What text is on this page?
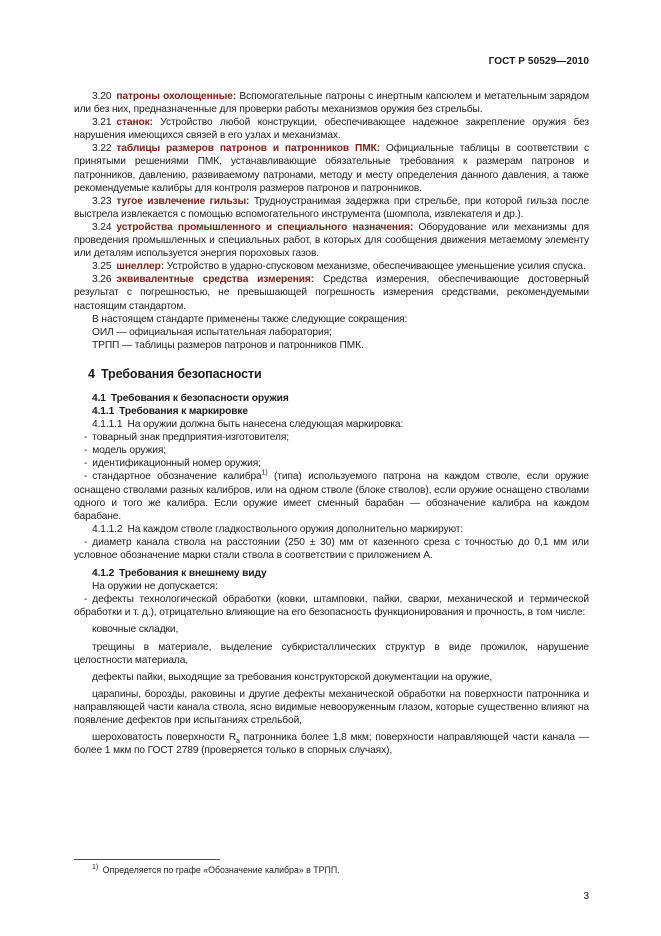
ГОСТ Р 50529—2010
3.20 патроны охолощенные: Вспомогательные патроны с инертным капсюлем и метательным зарядом или без них, предназначенные для проверки работы механизмов оружия без стрельбы.
3.21 станок: Устройство любой конструкции, обеспечивающее надежное закрепление оружия без нарушения имеющихся связей в его узлах и механизмах.
3.22 таблицы размеров патронов и патронников ПМК: Официальные таблицы в соответствии с принятыми решениями ПМК, устанавливающие обязательные требования к размерам патронов и патронников, давлению, развиваемому патронами, методу и месту определения данного давления, а также рекомендуемые калибры для контроля размеров патронов и патронников.
3.23 тугое извлечение гильзы: Трудноустранимая задержка при стрельбе, при которой гильза после выстрела извлекается с помощью вспомогательного инструмента (шомпола, извлекателя и др.).
3.24 устройства промышленного и специального назначения: Оборудование или механизмы для проведения промышленных и специальных работ, в которых для сообщения движения метаемому элементу или деталям используется энергия пороховых газов.
3.25 шнеллер: Устройство в ударно-спусковом механизме, обеспечивающее уменьшение усилия спуска.
3.26 эквивалентные средства измерения: Средства измерения, обеспечивающие достоверный результат с погрешностью, не превышающей погрешность измерения средствами, рекомендуемыми настоящим стандартом.
В настоящем стандарте применены также следующие сокращения:
ОИЛ — официальная испытательная лаборатория;
ТРПП — таблицы размеров патронов и патронников ПМК.
4 Требования безопасности
4.1 Требования к безопасности оружия
4.1.1 Требования к маркировке
4.1.1.1 На оружии должна быть нанесена следующая маркировка:
- товарный знак предприятия-изготовителя;
- модель оружия;
- идентификационный номер оружия;
- стандартное обозначение калибра$^{1)}$ (типа) используемого патрона на каждом стволе, если оружие оснащено стволами разных калибров, или на одном стволе (блоке стволов), если оружие оснащено стволами одного и того же калибра. Если оружие имеет сменный барабан — обозначение калибра на каждом барабане.
4.1.1.2 На каждом стволе гладкоствольного оружия дополнительно маркируют:
- диаметр канала ствола на расстоянии (250 ± 30) мм от казенного среза с точностью до 0,1 мм или условное обозначение марки стали ствола в соответствии с приложением А.
4.1.2 Требования к внешнему виду
На оружии не допускается:
- дефекты технологической обработки (ковки, штамповки, пайки, сварки, механической и термической обработки и т. д.), отрицательно влияющие на его безопасность функционирования и прочность, в том числе:
ковочные складки,
трещины в материале, выделение субкристаллических структур в виде прожилок, нарушение целостности материала,
дефекты пайки, выходящие за требования конструкторской документации на оружие,
царапины, борозды, раковины и другие дефекты механической обработки на поверхности патронника и направляющей части канала ствола, ясно видимые невооруженным глазом, которые существенно влияют на появление дефектов при испытаниях стрельбой,
шероховатость поверхности $R_а$ патронника более 1,8 мкм; поверхности направляющей части канала — более 1 мкм по ГОСТ 2789 (проверяется только в спорных случаях),
$^{1)}$ Определяется по графе «Обозначение калибра» в ТРПП.
3
